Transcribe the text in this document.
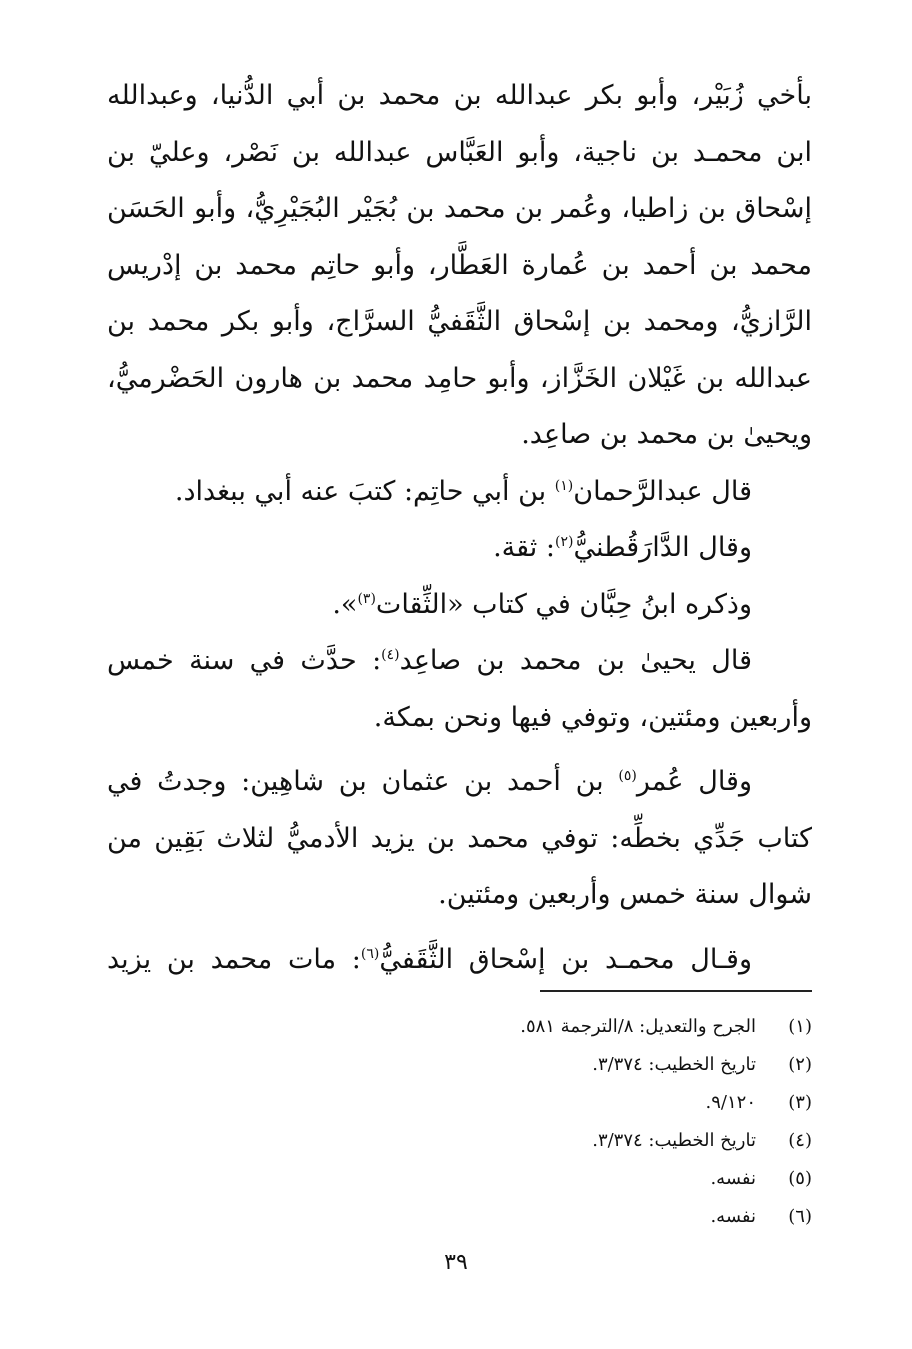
بأخي زُبَيْر، وأبو بكر عبدالله بن محمد بن أبي الدُّنيا، وعبدالله
ابن محمـد بن ناجية، وأبو العَبَّاس عبدالله بن نَصْر، وعليّ بن
إسْحاق بن زاطيا، وعُمر بن محمد بن بُجَيْر البُجَيْرِيُّ، وأبو الحَسَن
محمد بن أحمد بن عُمارة العَطَّار، وأبو حاتِم محمد بن إدْريس
الرَّازيُّ، ومحمد بن إسْحاق الثَّقَفيُّ السرَّاج، وأبو بكر محمد بن
عبدالله بن غَيْلان الخَزَّاز، وأبو حامِد محمد بن هارون الحَضْرميُّ،
ويحيىٰ بن محمد بن صاعِد.
قال عبدالرَّحمان$^{(١)}$ بن أبي حاتِم: كتبَ عنه أبي ببغداد.
وقال الدَّارَقُطنيُّ$^{(٢)}$: ثقة.
وذكره ابنُ حِبَّان في كتاب «الثِّقات$^{(٣)}$».
قال يحيىٰ بن محمد بن صاعِد$^{(٤)}$: حدَّث في سنة خمس
وأربعين ومئتين، وتوفي فيها ونحن بمكة.
وقال عُمر$^{(٥)}$ بن أحمد بن عثمان بن شاهِين: وجدتُ في
كتاب جَدِّي بخطِّه: توفي محمد بن يزيد الأدميُّ لثلاث بَقِين من
شوال سنة خمس وأربعين ومئتين.
وقـال محمـد بن إسْحاق الثَّقَفيُّ$^{(٦)}$: مات محمد بن يزيد
(١)الجرح والتعديل: ٨/الترجمة ٥٨١.
(٢)تاريخ الخطيب: ٣/٣٧٤.
(٣)٩/١٢٠.
(٤)تاريخ الخطيب: ٣/٣٧٤.
(٥)نفسه.
(٦)نفسه.
٣٩
